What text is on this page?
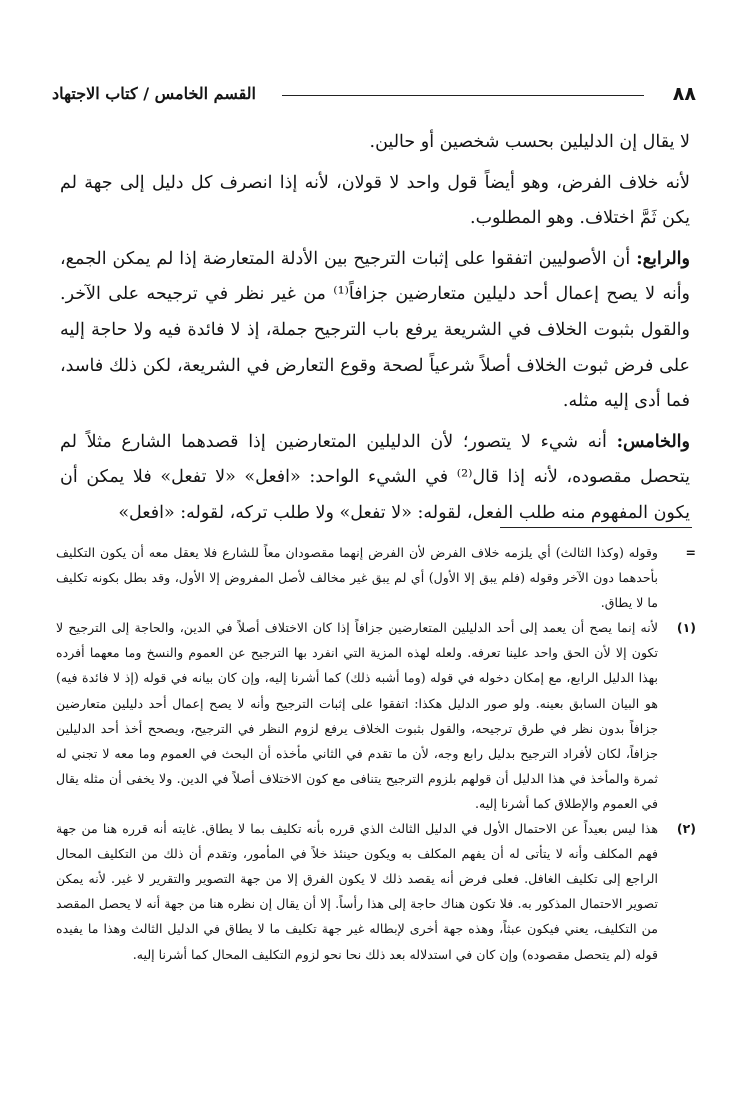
٨٨
القسم الخامس / كتاب الاجتهاد

لا يقال إن الدليلين بحسب شخصين أو حالين.

لأنه خلاف الفرض، وهو أيضاً قول واحد لا قولان، لأنه إذا انصرف كل دليل إلى جهة لم يكن ثَمَّ اختلاف. وهو المطلوب.

والرابع: أن الأصوليين اتفقوا على إثبات الترجيح بين الأدلة المتعارضة إذا لم يمكن الجمع، وأنه لا يصح إعمال أحد دليلين متعارضين جزافاً⁽¹⁾ من غير نظر في ترجيحه على الآخر. والقول بثبوت الخلاف في الشريعة يرفع باب الترجيح جملة، إذ لا فائدة فيه ولا حاجة إليه على فرض ثبوت الخلاف أصلاً شرعياً لصحة وقوع التعارض في الشريعة، لكن ذلك فاسد، فما أدى إليه مثله.

والخامس: أنه شيء لا يتصور؛ لأن الدليلين المتعارضين إذا قصدهما الشارع مثلاً لم يتحصل مقصوده، لأنه إذا قال⁽²⁾ في الشيء الواحد: «افعل» «لا تفعل» فلا يمكن أن يكون المفهوم منه طلب الفعل، لقوله: «لا تفعل» ولا طلب تركه، لقوله: «افعل»

=
وقوله (وكذا الثالث) أي يلزمه خلاف الفرض لأن الفرض إنهما مقصودان معاً للشارع فلا يعقل معه أن يكون التكليف بأحدهما دون الآخر وقوله (فلم يبق إلا الأول) أي لم يبق غير مخالف لأصل المفروض إلا الأول، وقد بطل بكونه تكليف ما لا يطاق.
(١)
لأنه إنما يصح أن يعمد إلى أحد الدليلين المتعارضين جزافاً إذا كان الاختلاف أصلاً في الدين، والحاجة إلى الترجيح لا تكون إلا لأن الحق واحد علينا تعرفه. ولعله لهذه المزية التي انفرد بها الترجيح عن العموم والنسخ وما معهما أفرده بهذا الدليل الرابع، مع إمكان دخوله في قوله (وما أشبه ذلك) كما أشرنا إليه، وإن كان بيانه في قوله (إذ لا فائدة فيه) هو البيان السابق بعينه. ولو صور الدليل هكذا: اتفقوا على إثبات الترجيح وأنه لا يصح إعمال أحد دليلين متعارضين جزافاً بدون نظر في طرق ترجيحه، والقول بثبوت الخلاف يرفع لزوم النظر في الترجيح، ويصحح أخذ أحد الدليلين جزافاً، لكان لأفراد الترجيح بدليل رابع وجه، لأن ما تقدم في الثاني مأخذه أن البحث في العموم وما معه لا تجني له ثمرة والمأخذ في هذا الدليل أن قولهم بلزوم الترجيح يتنافى مع كون الاختلاف أصلاً في الدين. ولا يخفى أن مثله يقال في العموم والإطلاق كما أشرنا إليه.
(٢)
هذا ليس بعيداً عن الاحتمال الأول في الدليل الثالث الذي قرره بأنه تكليف بما لا يطاق. غايته أنه قرره هنا من جهة فهم المكلف وأنه لا يتأتى له أن يفهم المكلف به ويكون حينئذ خلاً في المأمور، وتقدم أن ذلك من التكليف المحال الراجع إلى تكليف الغافل. فعلى فرض أنه يقصد ذلك لا يكون الفرق إلا من جهة التصوير والتقرير لا غير. لأنه يمكن تصوير الاحتمال المذكور به. فلا تكون هناك حاجة إلى هذا رأساً. إلا أن يقال إن نظره هنا من جهة أنه لا يحصل المقصد من التكليف، يعني فيكون عبثاً، وهذه جهة أخرى لإبطاله غير جهة تكليف ما لا يطاق في الدليل الثالث وهذا ما يفيده قوله (لم يتحصل مقصوده) وإن كان في استدلاله بعد ذلك نحا نحو لزوم التكليف المحال كما أشرنا إليه.
